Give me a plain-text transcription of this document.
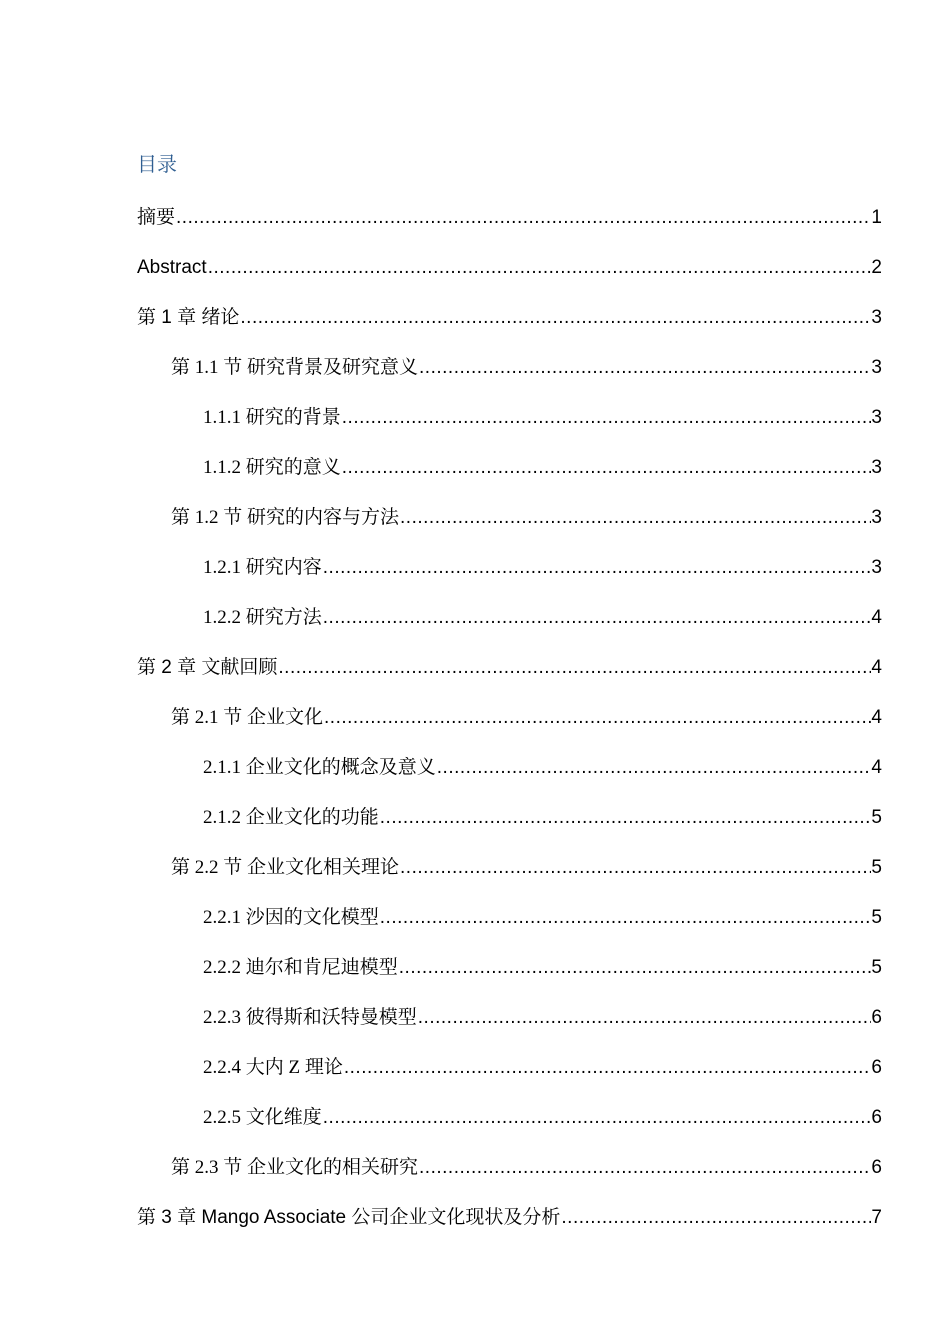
目录
摘要 .....	1
Abstract .....	2
第 1 章 绪论 .....	3
第 1.1 节 研究背景及研究意义 .....	3
1.1.1 研究的背景 .....	3
1.1.2 研究的意义 .....	3
第 1.2 节 研究的内容与方法 .....	3
1.2.1 研究内容 .....	3
1.2.2 研究方法 .....	4
第 2 章 文献回顾 .....	4
第 2.1 节 企业文化 .....	4
2.1.1 企业文化的概念及意义 .....	4
2.1.2 企业文化的功能 .....	5
第 2.2 节 企业文化相关理论 .....	5
2.2.1 沙因的文化模型 .....	5
2.2.2 迪尔和肯尼迪模型 .....	5
2.2.3 彼得斯和沃特曼模型 .....	6
2.2.4 大内 Z 理论 .....	6
2.2.5 文化维度 .....	6
第 2.3 节 企业文化的相关研究 .....	6
第 3 章 Mango Associate 公司企业文化现状及分析 .....	7
